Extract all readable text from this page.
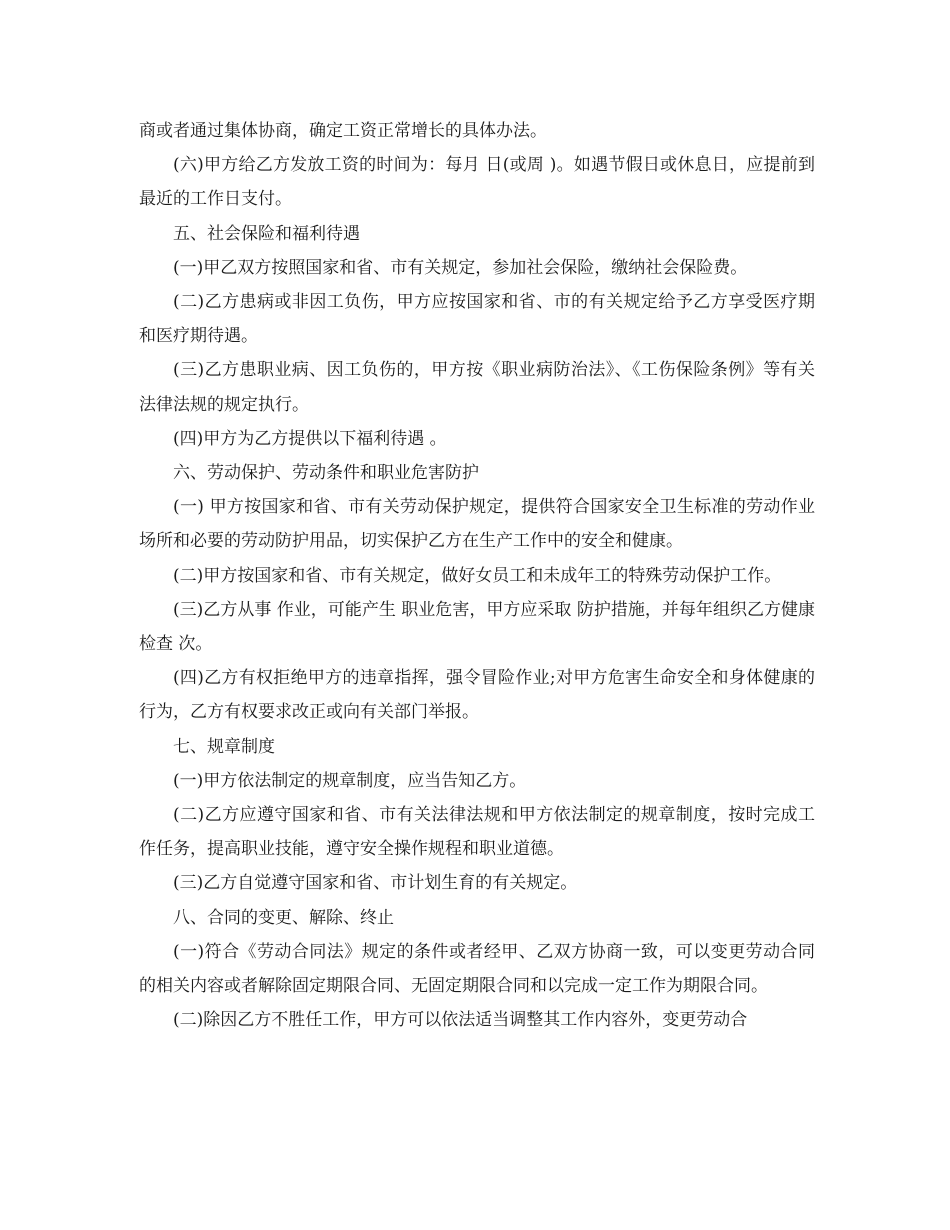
商或者通过集体协商，确定工资正常增长的具体办法。

(六)甲方给乙方发放工资的时间为：每月 日(或周 )。如遇节假日或休息日，应提前到最近的工作日支付。

五、社会保险和福利待遇

(一)甲乙双方按照国家和省、市有关规定，参加社会保险，缴纳社会保险费。

(二)乙方患病或非因工负伤，甲方应按国家和省、市的有关规定给予乙方享受医疗期和医疗期待遇。

(三)乙方患职业病、因工负伤的，甲方按《职业病防治法》、《工伤保险条例》等有关法律法规的规定执行。

(四)甲方为乙方提供以下福利待遇 。

六、劳动保护、劳动条件和职业危害防护

(一) 甲方按国家和省、市有关劳动保护规定，提供符合国家安全卫生标准的劳动作业场所和必要的劳动防护用品，切实保护乙方在生产工作中的安全和健康。

(二)甲方按国家和省、市有关规定，做好女员工和未成年工的特殊劳动保护工作。

(三)乙方从事 作业，可能产生 职业危害，甲方应采取 防护措施，并每年组织乙方健康检查 次。

(四)乙方有权拒绝甲方的违章指挥，强令冒险作业;对甲方危害生命安全和身体健康的行为，乙方有权要求改正或向有关部门举报。

七、规章制度

(一)甲方依法制定的规章制度，应当告知乙方。

(二)乙方应遵守国家和省、市有关法律法规和甲方依法制定的规章制度，按时完成工作任务，提高职业技能，遵守安全操作规程和职业道德。

(三)乙方自觉遵守国家和省、市计划生育的有关规定。

八、合同的变更、解除、终止

(一)符合《劳动合同法》规定的条件或者经甲、乙双方协商一致，可以变更劳动合同的相关内容或者解除固定期限合同、无固定期限合同和以完成一定工作为期限合同。

(二)除因乙方不胜任工作，甲方可以依法适当调整其工作内容外，变更劳动合
